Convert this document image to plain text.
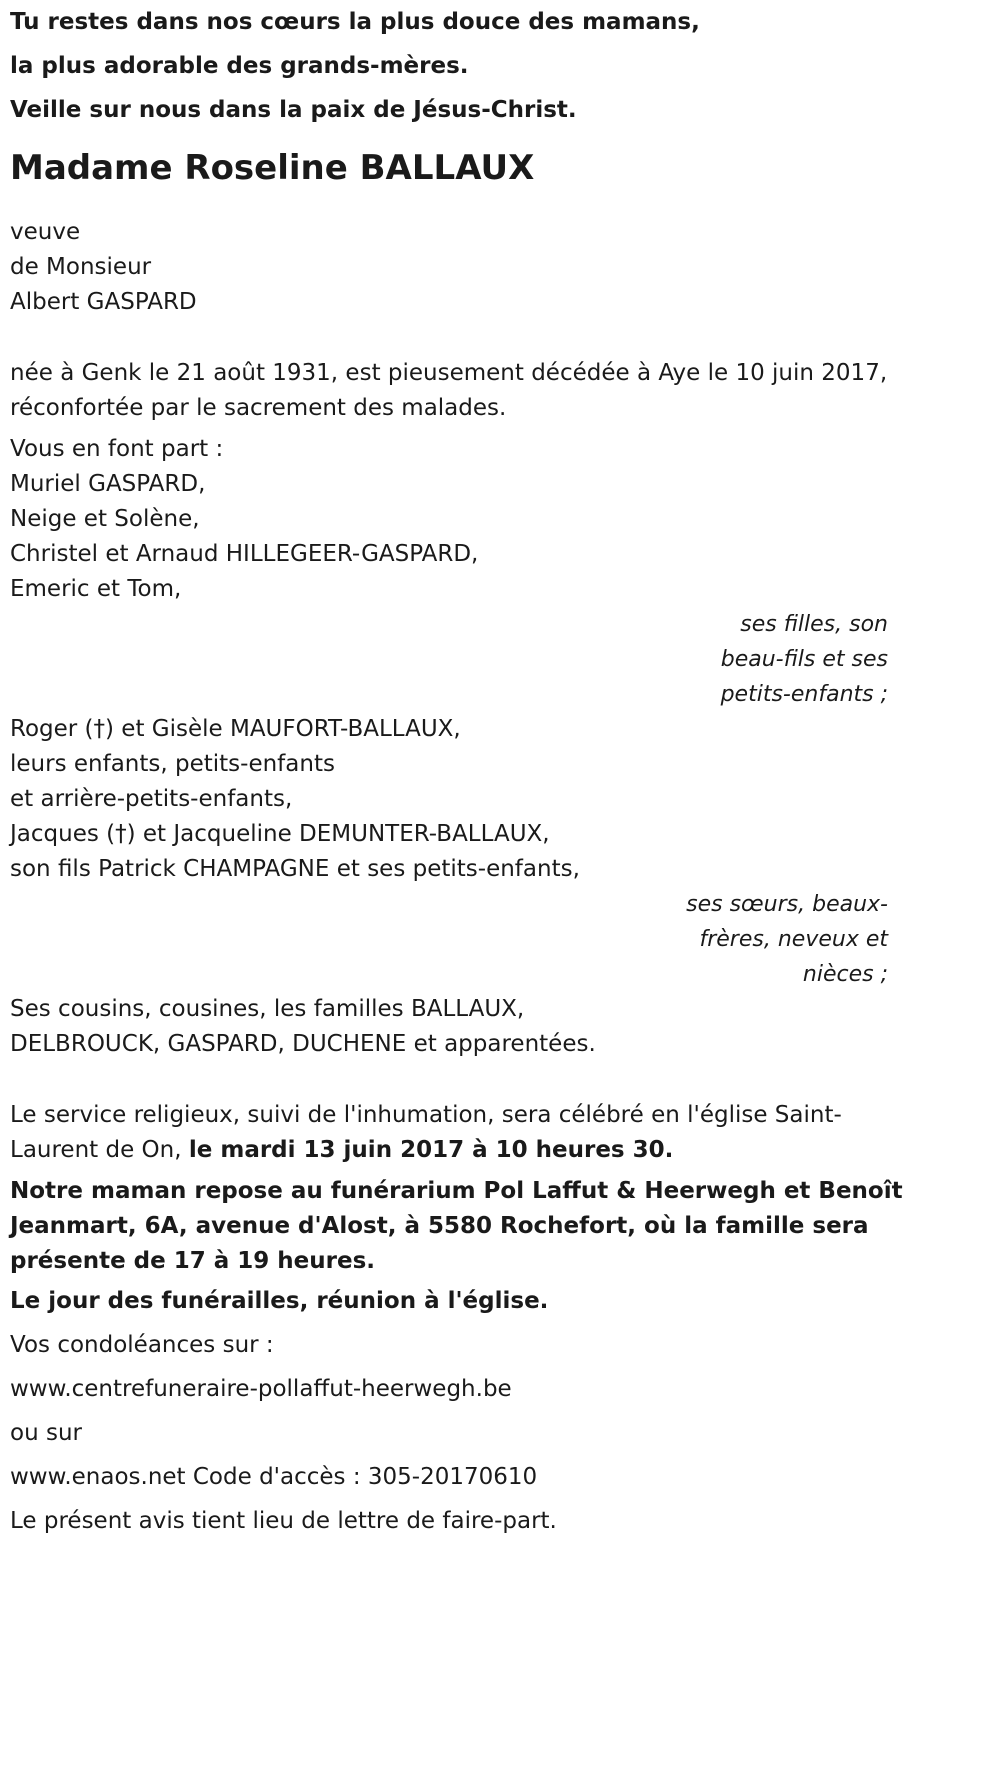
Tu restes dans nos cœurs la plus douce des mamans,
la plus adorable des grands-mères.
Veille sur nous dans la paix de Jésus-Christ.
Madame Roseline BALLAUX
veuve
de Monsieur
Albert GASPARD
née à Genk le 21 août 1931, est pieusement décédée à Aye le 10 juin 2017,
réconfortée par le sacrement des malades.
Vous en font part :
Muriel GASPARD,
Neige et Solène,
Christel et Arnaud HILLEGEER-GASPARD,
Emeric et Tom,
ses filles, son
beau-fils et ses
petits-enfants ;
Roger (†) et Gisèle MAUFORT-BALLAUX,
leurs enfants, petits-enfants
et arrière-petits-enfants,
Jacques (†) et Jacqueline DEMUNTER-BALLAUX,
son fils Patrick CHAMPAGNE et ses petits-enfants,
ses sœurs, beaux-
frères, neveux et
nièces ;
Ses cousins, cousines, les familles BALLAUX,
DELBROUCK, GASPARD, DUCHENE et apparentées.
Le service religieux, suivi de l'inhumation, sera célébré en l'église Saint-
Laurent de On, le mardi 13 juin 2017 à 10 heures 30.
Notre maman repose au funérarium Pol Laffut & Heerwegh et Benoît
Jeanmart, 6A, avenue d'Alost, à 5580 Rochefort, où la famille sera
présente de 17 à 19 heures.
Le jour des funérailles, réunion à l'église.
Vos condoléances sur :
www.centrefuneraire-pollaffut-heerwegh.be
ou sur
www.enaos.net Code d'accès : 305-20170610
Le présent avis tient lieu de lettre de faire-part.
